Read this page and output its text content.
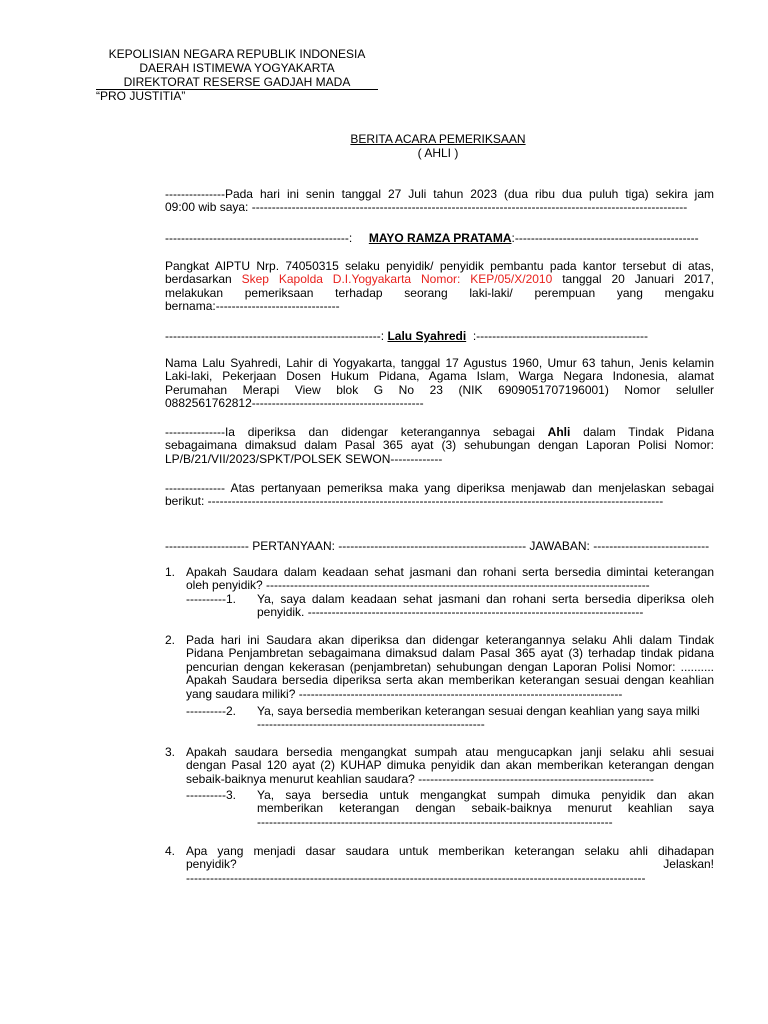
KEPOLISIAN NEGARA REPUBLIK INDONESIA
DAERAH ISTIMEWA YOGYAKARTA
DIREKTORAT RESERSE GADJAH MADA
“PRO JUSTITIA”
BERITA ACARA PEMERIKSAAN
( AHLI )
---------------Pada hari ini senin tanggal 27 Juli tahun 2023 (dua ribu dua puluh tiga) sekira jam
09:00 wib saya: -------------------------------------------------------------------------------------------------------------
----------------------------------------------: MAYO RAMZA PRATAMA:----------------------------------------------
Pangkat AIPTU Nrp. 74050315 selaku penyidik/ penyidik pembantu pada kantor tersebut di atas,
berdasarkan Skep Kapolda D.I.Yogyakarta Nomor: KEP/05/X/2010 tanggal 20 Januari 2017,
melakukan pemeriksaan terhadap seorang laki-laki/ perempuan yang mengaku
bernama:-------------------------------
------------------------------------------------------: Lalu Syahredi :-------------------------------------------
Nama Lalu Syahredi, Lahir di Yogyakarta, tanggal 17 Agustus 1960, Umur 63 tahun, Jenis kelamin
Laki-laki, Pekerjaan Dosen Hukum Pidana, Agama Islam, Warga Negara Indonesia, alamat
Perumahan Merapi View blok G No 23 (NIK 6909051707196001) Nomor seluller
0882561762812-------------------------------------------
---------------Ia diperiksa dan didengar keterangannya sebagai Ahli dalam Tindak Pidana
sebagaimana dimaksud dalam Pasal 365 ayat (3) sehubungan dengan Laporan Polisi Nomor:
LP/B/21/VII/2023/SPKT/POLSEK SEWON-------------
--------------- Atas pertanyaan pemeriksa maka yang diperiksa menjawab dan menjelaskan sebagai
berikut: ------------------------------------------------------------------------------------------------------------------
--------------------- PERTANYAAN: ----------------------------------------------- JAWABAN: -----------------------------
1. Apakah Saudara dalam keadaan sehat jasmani dan rohani serta bersedia dimintai keterangan
oleh penyidik? ------------------------------------------------------------------------------------------------
----------1. Ya, saya dalam keadaan sehat jasmani dan rohani serta bersedia diperiksa oleh
penyidik. ------------------------------------------------------------------------------------
2. Pada hari ini Saudara akan diperiksa dan didengar keterangannya selaku Ahli dalam Tindak
Pidana Penjambretan sebagaimana dimaksud dalam Pasal 365 ayat (3) terhadap tindak pidana
pencurian dengan kekerasan (penjambretan) sehubungan dengan Laporan Polisi Nomor: ..........
Apakah Saudara bersedia diperiksa serta akan memberikan keterangan sesuai dengan keahlian
yang saudara miliki? ---------------------------------------------------------------------------------
----------2. Ya, saya bersedia memberikan keterangan sesuai dengan keahlian yang saya milki
---------------------------------------------------------
3. Apakah saudara bersedia mengangkat sumpah atau mengucapkan janji selaku ahli sesuai
dengan Pasal 120 ayat (2) KUHAP dimuka penyidik dan akan memberikan keterangan dengan
sebaik-baiknya menurut keahlian saudara? -----------------------------------------------------------
----------3. Ya, saya bersedia untuk mengangkat sumpah dimuka penyidik dan akan
memberikan keterangan dengan sebaik-baiknya menurut keahlian saya
-----------------------------------------------------------------------------------------
4. Apa yang menjadi dasar saudara untuk memberikan keterangan selaku ahli dihadapan
penyidik? Jelaskan!
-------------------------------------------------------------------------------------------------------------------
